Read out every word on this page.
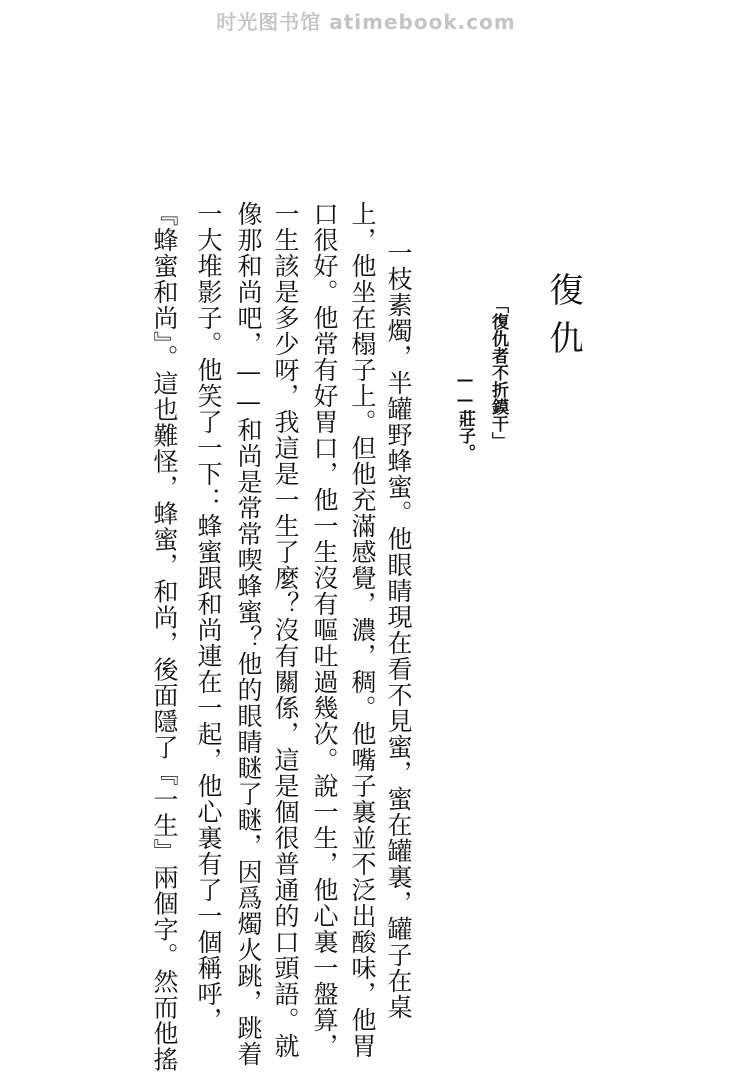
时光图书馆 atimebook.com
復仇
「復仇者不折鏌干」
——莊子。
一枝素燭，半罐野蜂蜜。他眼睛現在看不見蜜，蜜在罐裏，罐子在桌
上，他坐在榻子上。但他充滿感覺，濃，稠。他嘴子裏並不泛出酸味，他胃
口很好。他常有好胃口，他一生沒有嘔吐過幾次。說一生，他心裏一盤算，
一生該是多少呀，我這是一生了麼？沒有關係，這是個很普通的口頭語。就
像那和尚吧，——和尚是常常喫蜂蜜？他的眼睛瞇了瞇，因爲燭火跳，跳着
一大堆影子。他笑了一下：蜂蜜跟和尚連在一起，他心裏有了一個稱呼，
『蜂蜜和尚』。這也難怪，蜂蜜，和尚，後面隱了『一生』兩個字。然而他搖
